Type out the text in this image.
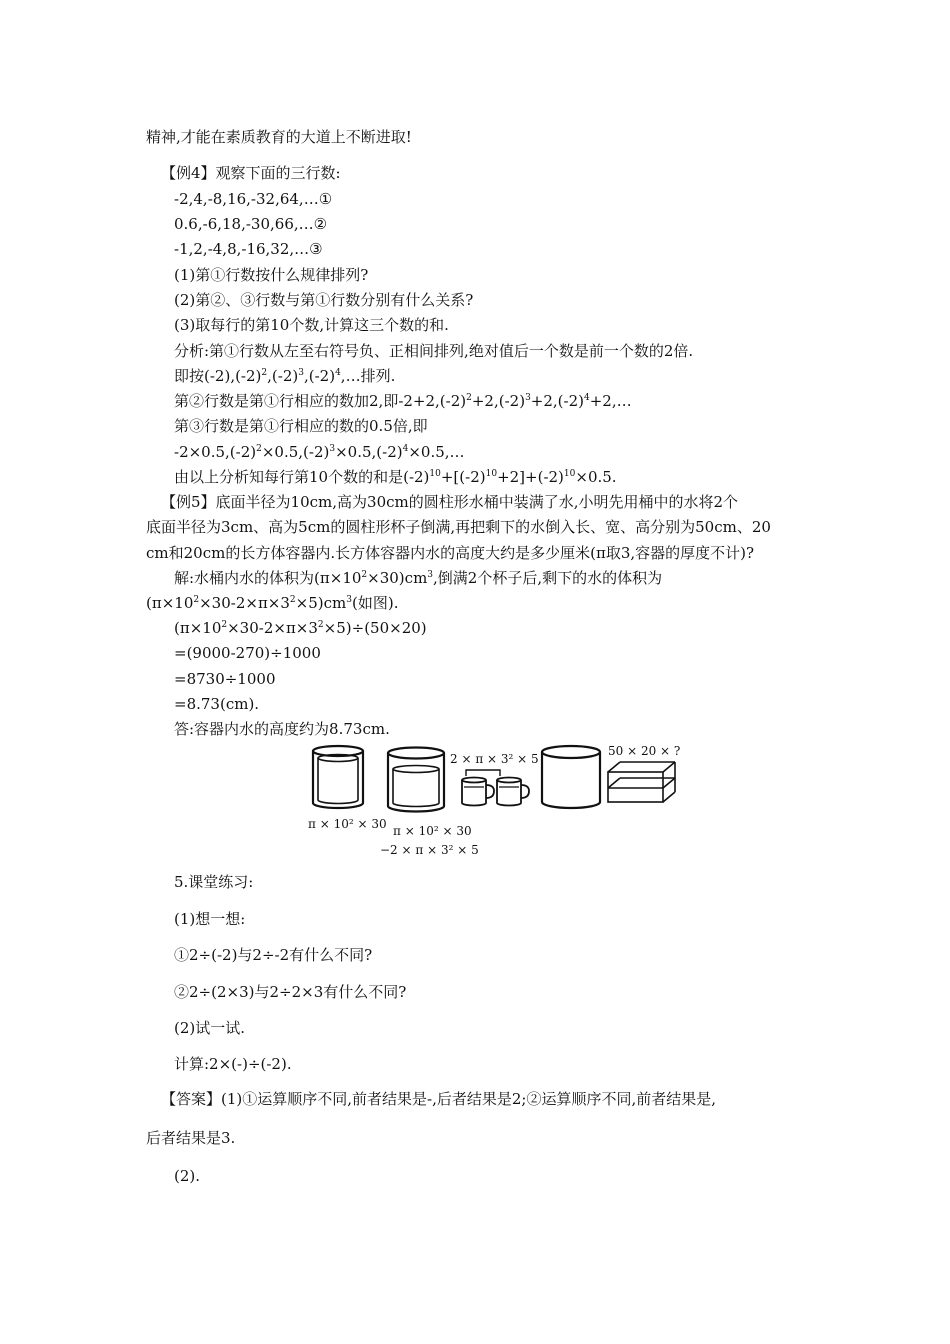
精神,才能在素质教育的大道上不断进取!
【例4】观察下面的三行数:
-2,4,-8,16,-32,64,…①
0.6,-6,18,-30,66,…②
-1,2,-4,8,-16,32,…③
(1)第①行数按什么规律排列?
(2)第②、③行数与第①行数分别有什么关系?
(3)取每行的第10个数,计算这三个数的和.
分析:第①行数从左至右符号负、正相间排列,绝对值后一个数是前一个数的2倍.
即按$(-2),(-2)^2,(-2)^3,(-2)^4,\dots$排列.
第②行数是第①行相应的数加2,即$-2+2,(-2)^2+2,(-2)^3+2,(-2)^4+2,\dots$
第③行数是第①行相应的数的0.5倍,即
$-2\times 0.5,(-2)^2\times 0.5,(-2)^3\times 0.5,(-2)^4\times 0.5,\dots$
由以上分析知每行第10个数的和是$(-2)^{10}+[(-2)^{10}+2]+(-2)^{10}\times 0.5$.
【例5】底面半径为10cm,高为30cm的圆柱形水桶中装满了水,小明先用桶中的水将2个
底面半径为3cm、高为5cm的圆柱形杯子倒满,再把剩下的水倒入长、宽、高分别为50cm、20
cm和20cm的长方体容器内.长方体容器内水的高度大约是多少厘米(π取3,容器的厚度不计)?
解:水桶内水的体积为$(\pi\times 10^2\times 30)cm^3$,倒满2个杯子后,剩下的水的体积为
$(\pi\times 10^2\times 30-2\times\pi\times 3^2\times 5)cm^3$(如图).
$(\pi\times 10^2\times 30-2\times\pi\times 3^2\times 5)\div(50\times 20)$
=(9000-270)÷1000
=8730÷1000
=8.73(cm).
答:容器内水的高度约为8.73cm.
π × 10² × 30 π × 10² × 30
−2 × π × 3² × 5
2 × π × 3² × 5
50 × 20 × ?
5.课堂练习:
(1)想一想:
①2÷(-2)与2÷-2有什么不同?
②2÷(2×3)与2÷2×3有什么不同?
(2)试一试.
计算:2×(-)÷(-2).
【答案】(1)①运算顺序不同,前者结果是-,后者结果是2;②运算顺序不同,前者结果是,
后者结果是3.
(2).
